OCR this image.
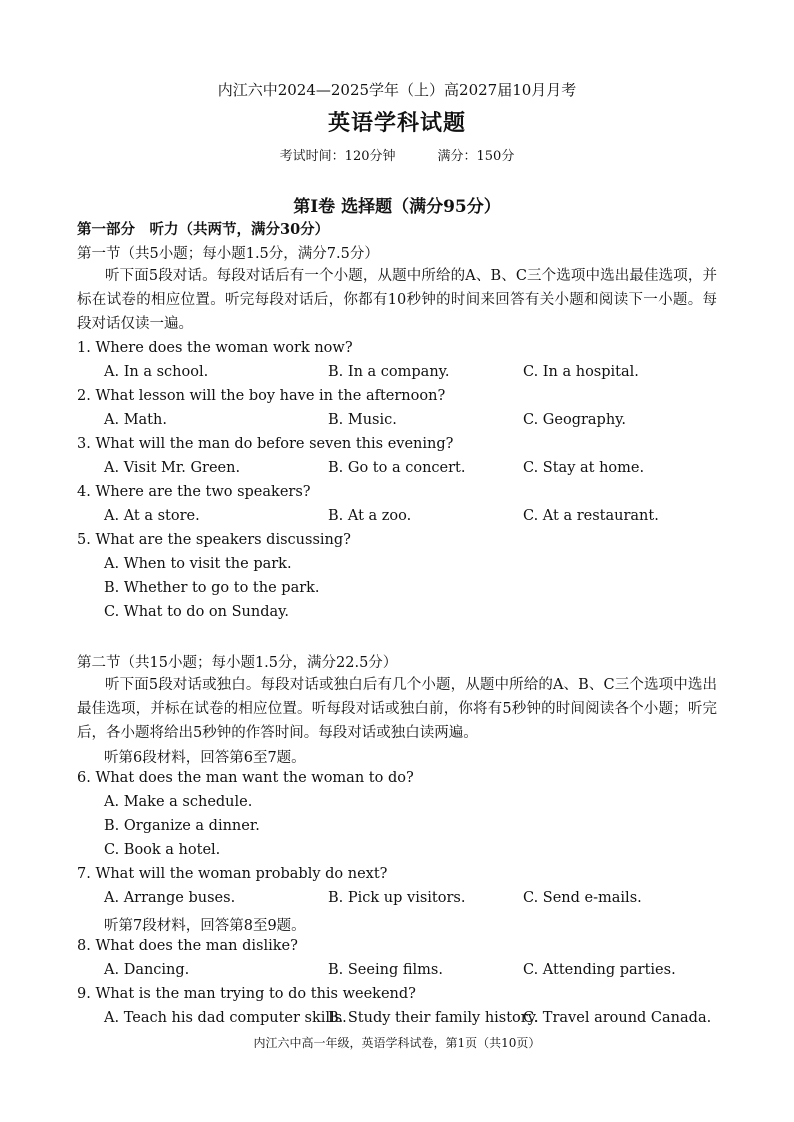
内江六中2024—2025学年（上）高2027届10月月考
英语学科试题
考试时间：120分钟	满分：150分
第Ⅰ卷 选择题（满分95分）
第一部分　听力（共两节，满分30分）
第一节（共5小题；每小题1.5分，满分7.5分）
听下面5段对话。每段对话后有一个小题，从题中所给的A、B、C三个选项中选出最佳选项，并标在试卷的相应位置。听完每段对话后，你都有10秒钟的时间来回答有关小题和阅读下一小题。每段对话仅读一遍。
1. Where does the woman work now?
A. In a school.	B. In a company.	C. In a hospital.
2. What lesson will the boy have in the afternoon?
A. Math.	B. Music.	C. Geography.
3. What will the man do before seven this evening?
A. Visit Mr. Green.	B. Go to a concert.	C. Stay at home.
4. Where are the two speakers?
A. At a store.	B. At a zoo.	C. At a restaurant.
5. What are the speakers discussing?
A. When to visit the park.
B. Whether to go to the park.
C. What to do on Sunday.
第二节（共15小题；每小题1.5分，满分22.5分）
听下面5段对话或独白。每段对话或独白后有几个小题，从题中所给的A、B、C三个选项中选出最佳选项，并标在试卷的相应位置。听每段对话或独白前，你将有5秒钟的时间阅读各个小题；听完后，各小题将给出5秒钟的作答时间。每段对话或独白读两遍。
听第6段材料，回答第6至7题。
6. What does the man want the woman to do?
A. Make a schedule.
B. Organize a dinner.
C. Book a hotel.
7. What will the woman probably do next?
A. Arrange buses.	B. Pick up visitors.	C. Send e-mails.
听第7段材料，回答第8至9题。
8. What does the man dislike?
A. Dancing.	B. Seeing films.	C. Attending parties.
9. What is the man trying to do this weekend?
A. Teach his dad computer skills.
B. Study their family history.
C. Travel around Canada.
内江六中高一年级，英语学科试卷，第1页（共10页）
